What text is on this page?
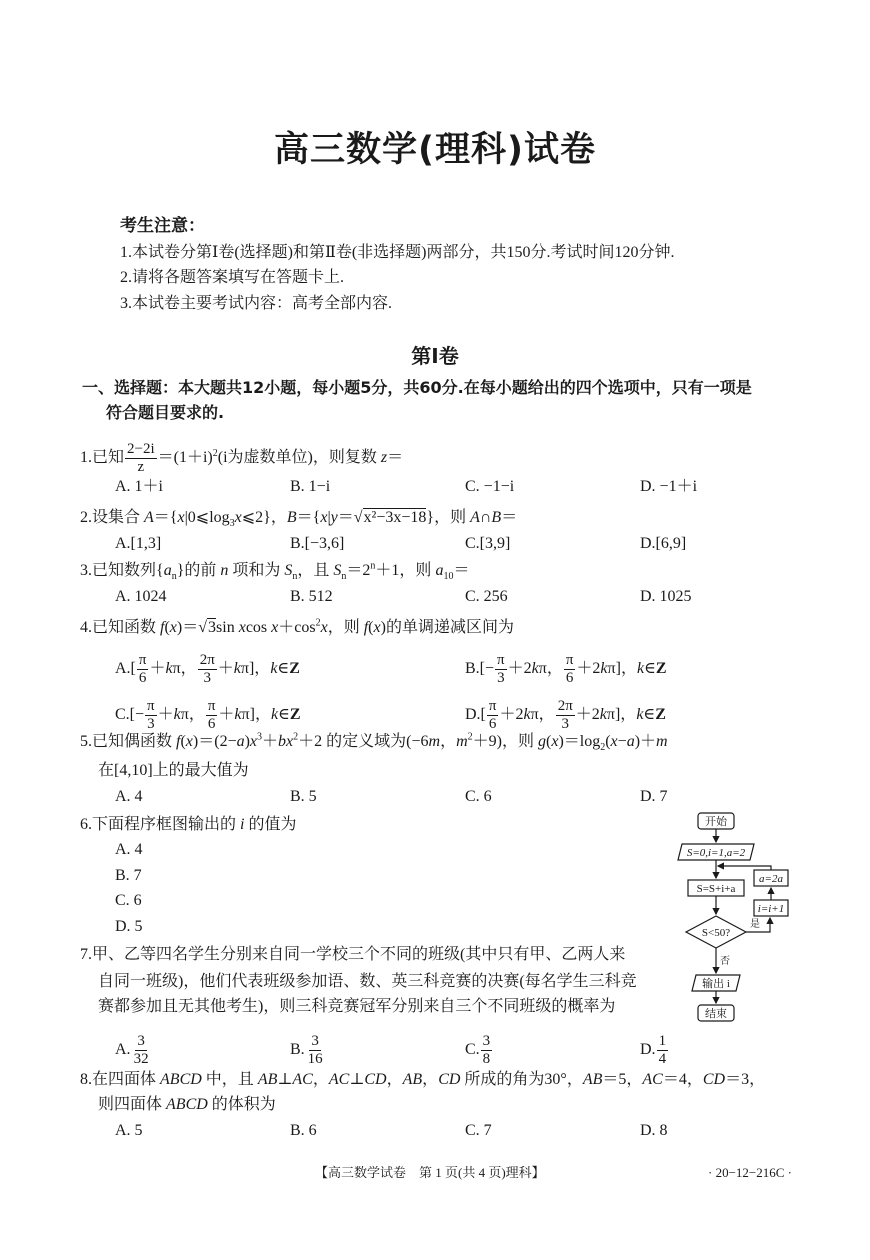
高三数学(理科)试卷
考生注意：
1.本试卷分第Ⅰ卷(选择题)和第Ⅱ卷(非选择题)两部分，共150分.考试时间120分钟.
2.请将各题答案填写在答题卡上.
3.本试卷主要考试内容：高考全部内容.
第Ⅰ卷
一、选择题：本大题共12小题，每小题5分，共60分.在每小题给出的四个选项中，只有一项是
符合题目要求的.
1.已知 $\frac{2-2i}{z} =(1+i)^2(i$为虚数单位)，则复数 z＝
A. 1＋i	B. 1−i	C. −1−i	D. −1＋i
2.设集合 $A=\{x|0⩽\log_3x⩽2\}$，B＝{x|y＝√x²−3x−18}，则 A∩B＝
A.[1,3]	B.[−3,6]	C.[3,9]	D.[6,9]
3.已知数列$\{a_n\}$的前 n 项和为 $S_n$，且 $S_n=2^n+1$，则 $a_{10}=$
A. 1024	B. 512	C. 256	D. 1025
4.已知函数 f(x)＝√3sin xcos $x+\cos^2x$，则 f(x)的单调递减区间为
$A.[ \frac{\pi}{6} +k\pi$， $\frac{2\pi}{3} +k\pi$]，k∈Z	$B.[- \frac{\pi}{3} +2k\pi$， $\frac{\pi}{6} +2k\pi$]，k∈Z
$C.[- \frac{\pi}{3} +k\pi$， $\frac{\pi}{6} +k\pi$]，k∈Z	$D.[ \frac{\pi}{6} +2k\pi$， $\frac{2\pi}{3} +2k\pi$]，k∈Z
5.已知偶函数 $f(x)=(2-a)x^3+bx^2+2$ 的定义域为(−6m，$m^2+9$)，则 $g(x)=\log_2(x-a)+m$
在[4,10]上的最大值为
A. 4	B. 5	C. 6	D. 7
6.下面程序框图输出的 i 的值为
A. 4
B. 7
C. 6
D. 5
7.甲、乙等四名学生分别来自同一学校三个不同的班级(其中只有甲、乙两人来
自同一班级)，他们代表班级参加语、数、英三科竞赛的决赛(每名学生三科竞
赛都参加且无其他考生)，则三科竞赛冠军分别来自三个不同班级的概率为
A. $\frac{3}{32}$	B. $\frac{3}{16}$	C. $\frac{3}{8}$	D. $\frac{1}{4}$
8.在四面体 ABCD 中，且 AB⊥AC，AC⊥CD，AB，CD 所成的角为30°，AB＝5，AC＝4，CD＝3，
则四面体 ABCD 的体积为
A. 5	B. 6	C. 7	D. 8
开始
S=0,i=1,a=2
S=S+i+a
S<50?
是
i=i+1
a=2a
否
输出 i
结束
【高三数学试卷　第 1 页(共 4 页)理科】	· 20−12−216C ·
